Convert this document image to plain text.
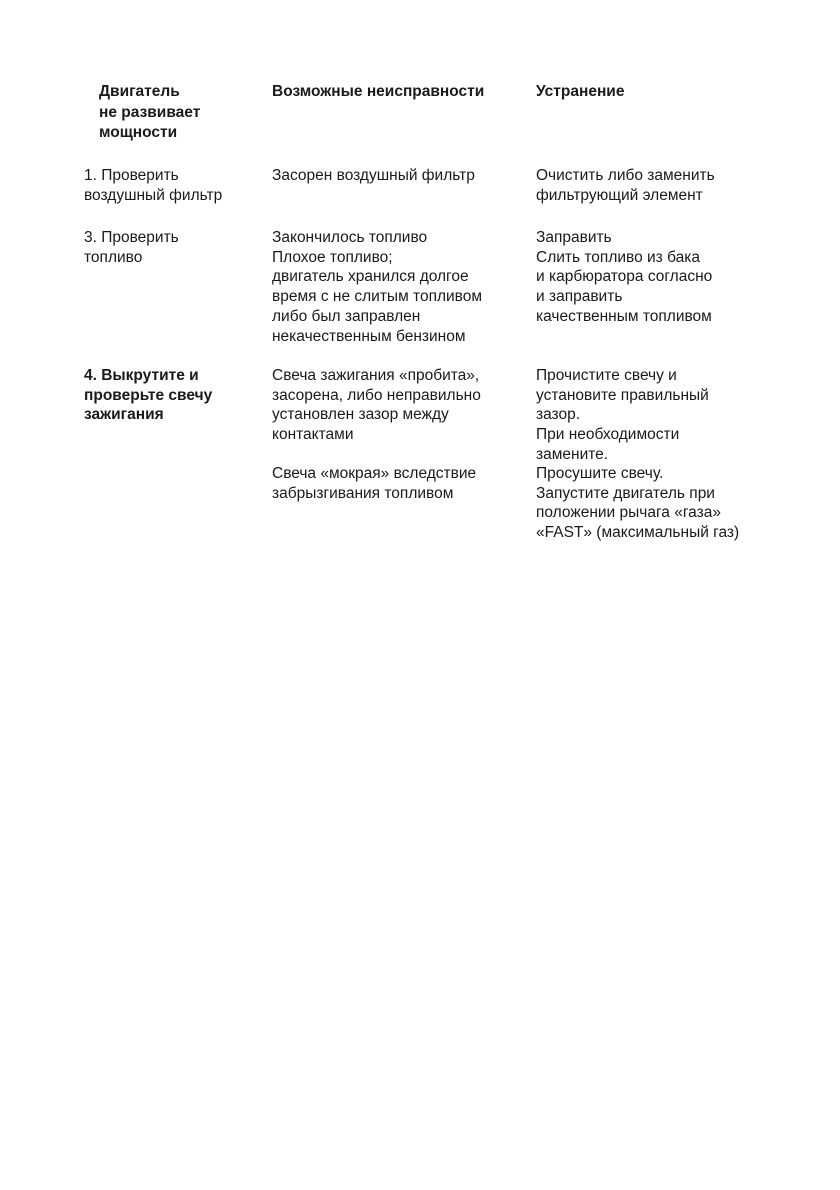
Двигатель
не развивает
мощности
Возможные неисправности	Устранение
1. Проверить
воздушный фильтр
Засорен воздушный фильтр	Очистить либо заменить
фильтрующий элемент
3. Проверить
топливо
Закончилось топливо
Плохое топливо;
двигатель хранился долгое
время с не слитым топливом
либо был заправлен
некачественным бензином
Заправить
Слить топливо из бака
и карбюратора согласно
и заправить
качественным топливом
4. Выкрутите и
проверьте свечу
зажигания
Свеча зажигания «пробита»,
засорена, либо неправильно
установлен зазор между
контактами
Прочистите свечу и
установите правильный
зазор.
При необходимости
замените.
Свеча «мокрая» вследствие
забрызгивания топливом
Просушите свечу.
Запустите двигатель при
положении рычага «газа»
«FAST» (максимальный газ)
